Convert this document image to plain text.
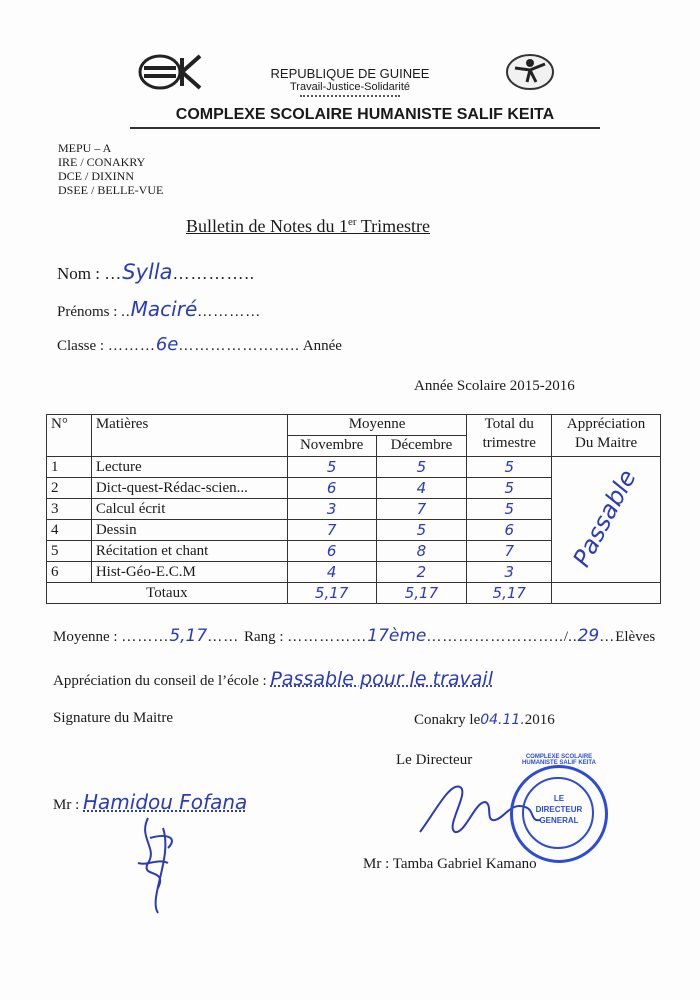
REPUBLIQUE DE GUINEE
Travail-Justice-Solidarité
COMPLEXE SCOLAIRE HUMANISTE SALIF KEITA
MEPU – A
IRE / CONAKRY
DCE / DIXINN
DSEE / BELLE-VUE
Bulletin de Notes du 1er Trimestre
Nom : …Sylla…………..
Prénoms : ..Maciré…………
Classe : ………6e………………….. Année
Année Scolaire 2015-2016
N°	Matières	Moyenne		Total du trimestre	Appréciation Du Maitre
		Novembre	Décembre		
1	Lecture	5	5	5	Passable

2	Dict-quest-Rédac-scien...	6	4	5	
3	Calcul écrit	3	7	5	
4	Dessin	7	5	6	
5	Récitation et chant	6	8	7	
6	Hist-Géo-E.C.M	4	2	3	
Totaux		5,17	5,17	5,17	
Moyenne : ………5,17…… Rang : ……………17ème……………………../..29…Elèves
Appréciation du conseil de l’école : Passable pour le travail
Signature du Maitre	Conakry le04.11.2016
Le Directeur
Mr : Hamidou Fofana
COMPLEXE SCOLAIRE HUMANISTE SALIF KEITA
LE
DIRECTEUR
GENERAL
Mr : Tamba Gabriel Kamano
